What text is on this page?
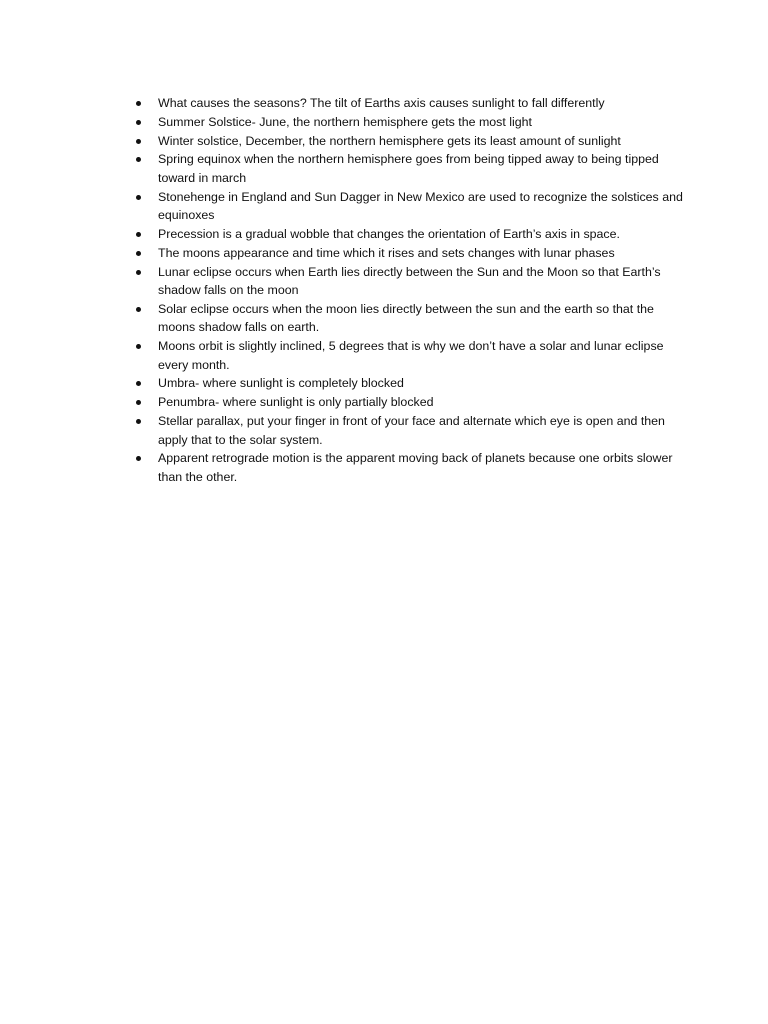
What causes the seasons? The tilt of Earths axis causes sunlight to fall differently
Summer Solstice- June, the northern hemisphere gets the most light
Winter solstice, December, the northern hemisphere gets its least amount of sunlight
Spring equinox when the northern hemisphere goes from being tipped away to being tipped toward in march
Stonehenge in England and Sun Dagger in New Mexico are used to recognize the solstices and equinoxes
Precession is a gradual wobble that changes the orientation of Earth’s axis in space.
The moons appearance and time which it rises and sets changes with lunar phases
Lunar eclipse occurs when Earth lies directly between the Sun and the Moon so that Earth’s shadow falls on the moon
Solar eclipse occurs when the moon lies directly between the sun and the earth so that the moons shadow falls on earth.
Moons orbit is slightly inclined, 5 degrees that is why we don’t have a solar and lunar eclipse every month.
Umbra- where sunlight is completely blocked
Penumbra- where sunlight is only partially blocked
Stellar parallax, put your finger in front of your face and alternate which eye is open and then apply that to the solar system.
Apparent retrograde motion is the apparent moving back of planets because one orbits slower than the other.
